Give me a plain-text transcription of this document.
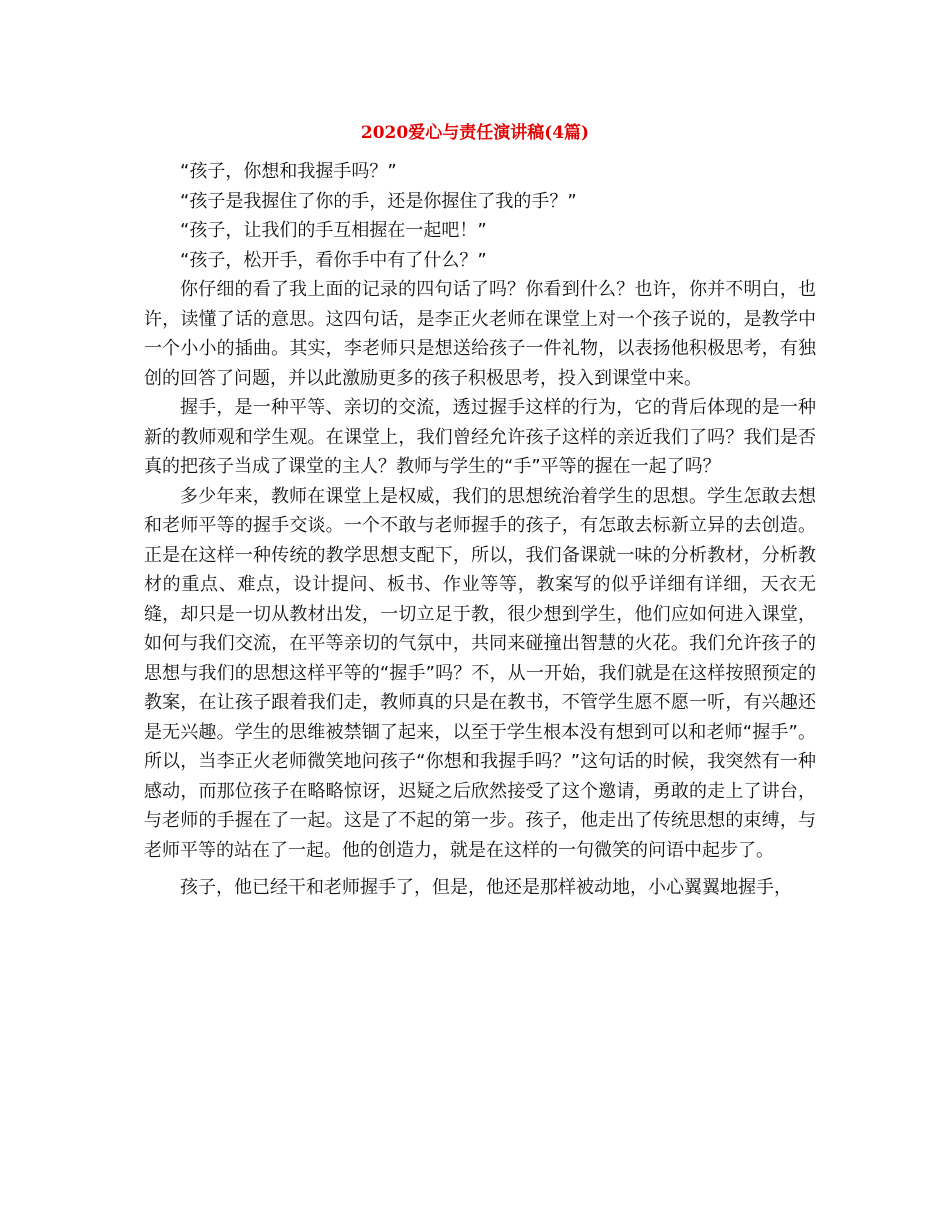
2020爱心与责任演讲稿(4篇)

“孩子，你想和我握手吗？”

“孩子是我握住了你的手，还是你握住了我的手？”

“孩子，让我们的手互相握在一起吧！”

“孩子，松开手，看你手中有了什么？”

你仔细的看了我上面的记录的四句话了吗？你看到什么？也许，你并不明白，也许，读懂了话的意思。这四句话，是李正火老师在课堂上对一个孩子说的，是教学中一个小小的插曲。其实，李老师只是想送给孩子一件礼物，以表扬他积极思考，有独创的回答了问题，并以此激励更多的孩子积极思考，投入到课堂中来。

握手，是一种平等、亲切的交流，透过握手这样的行为，它的背后体现的是一种新的教师观和学生观。在课堂上，我们曾经允许孩子这样的亲近我们了吗？我们是否真的把孩子当成了课堂的主人？教师与学生的“手”平等的握在一起了吗？

多少年来，教师在课堂上是权威，我们的思想统治着学生的思想。学生怎敢去想和老师平等的握手交谈。一个不敢与老师握手的孩子，有怎敢去标新立异的去创造。正是在这样一种传统的教学思想支配下，所以，我们备课就一味的分析教材，分析教材的重点、难点，设计提问、板书、作业等等，教案写的似乎详细有详细，天衣无缝，却只是一切从教材出发，一切立足于教，很少想到学生，他们应如何进入课堂，如何与我们交流，在平等亲切的气氛中，共同来碰撞出智慧的火花。我们允许孩子的思想与我们的思想这样平等的“握手”吗？不，从一开始，我们就是在这样按照预定的教案，在让孩子跟着我们走，教师真的只是在教书，不管学生愿不愿一听，有兴趣还是无兴趣。学生的思维被禁锢了起来，以至于学生根本没有想到可以和老师“握手”。所以，当李正火老师微笑地问孩子“你想和我握手吗？”这句话的时候，我突然有一种感动，而那位孩子在略略惊讶，迟疑之后欣然接受了这个邀请，勇敢的走上了讲台，与老师的手握在了一起。这是了不起的第一步。孩子，他走出了传统思想的束缚，与老师平等的站在了一起。他的创造力，就是在这样的一句微笑的问语中起步了。

孩子，他已经干和老师握手了，但是，他还是那样被动地，小心翼翼地握手，
